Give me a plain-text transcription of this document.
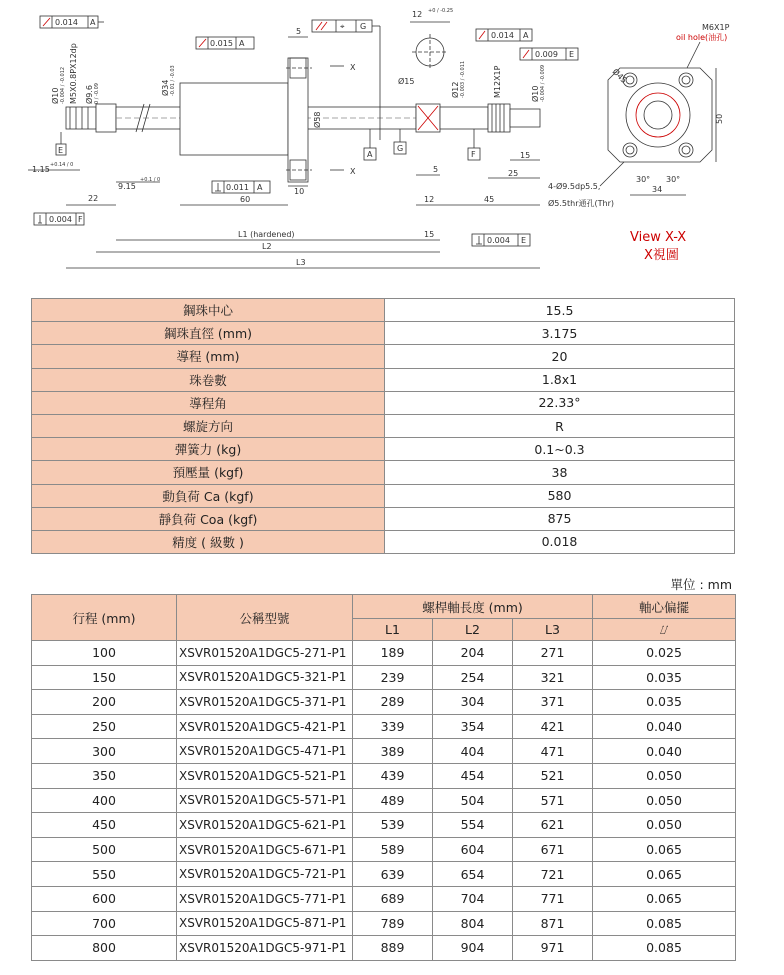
0.014 A
Ø10 -0.004 / -0.012 M5X0.8PX12dp Ø9.6 0 / -0.09
E
1.15 +0.14 / 0
22
9.15
+0.1 / 0
0.004 F
Ø34 -0.01 / -0.03
0.015 A
0.011 A
60
Ø58
10
5
⌖ G
X
X
A
G
Ø15
12 +0 / -0.25
Ø12 -0.003 / -0.011	M12X1P	Ø10 -0.004 / -0.009
0.014 A
0.009 E
5
F	15
25
12	45
15
0.004 E
L1 (hardened)
L2
L3
M6X1P
oil hole(油孔)
Ø45
50
30° 30°
4-Ø9.5dp5.5,
Ø5.5thr通孔(Thr)
34
View X-X
X視圖
鋼珠中心	15.5
鋼珠直徑 (mm)	3.175
導程 (mm)	20
珠卷數	1.8x1
導程角	22.33°
螺旋方向	R
彈簧力 (kg)	0.1~0.3
預壓量 (kgf)	38
動負荷 Ca (kgf)	580
靜負荷 Coa (kgf)	875
精度 ( 級數 )	0.018
單位 : mm
行程 (mm)	公稱型號	螺桿軸長度 (mm)			軸心偏擺
		L1	L2	L3	⌰
100	XSVR01520A1DGC5-271-P1	189	204	271	0.025
150	XSVR01520A1DGC5-321-P1	239	254	321	0.035
200	XSVR01520A1DGC5-371-P1	289	304	371	0.035
250	XSVR01520A1DGC5-421-P1	339	354	421	0.040
300	XSVR01520A1DGC5-471-P1	389	404	471	0.040
350	XSVR01520A1DGC5-521-P1	439	454	521	0.050
400	XSVR01520A1DGC5-571-P1	489	504	571	0.050
450	XSVR01520A1DGC5-621-P1	539	554	621	0.050
500	XSVR01520A1DGC5-671-P1	589	604	671	0.065
550	XSVR01520A1DGC5-721-P1	639	654	721	0.065
600	XSVR01520A1DGC5-771-P1	689	704	771	0.065
700	XSVR01520A1DGC5-871-P1	789	804	871	0.085
800	XSVR01520A1DGC5-971-P1	889	904	971	0.085
